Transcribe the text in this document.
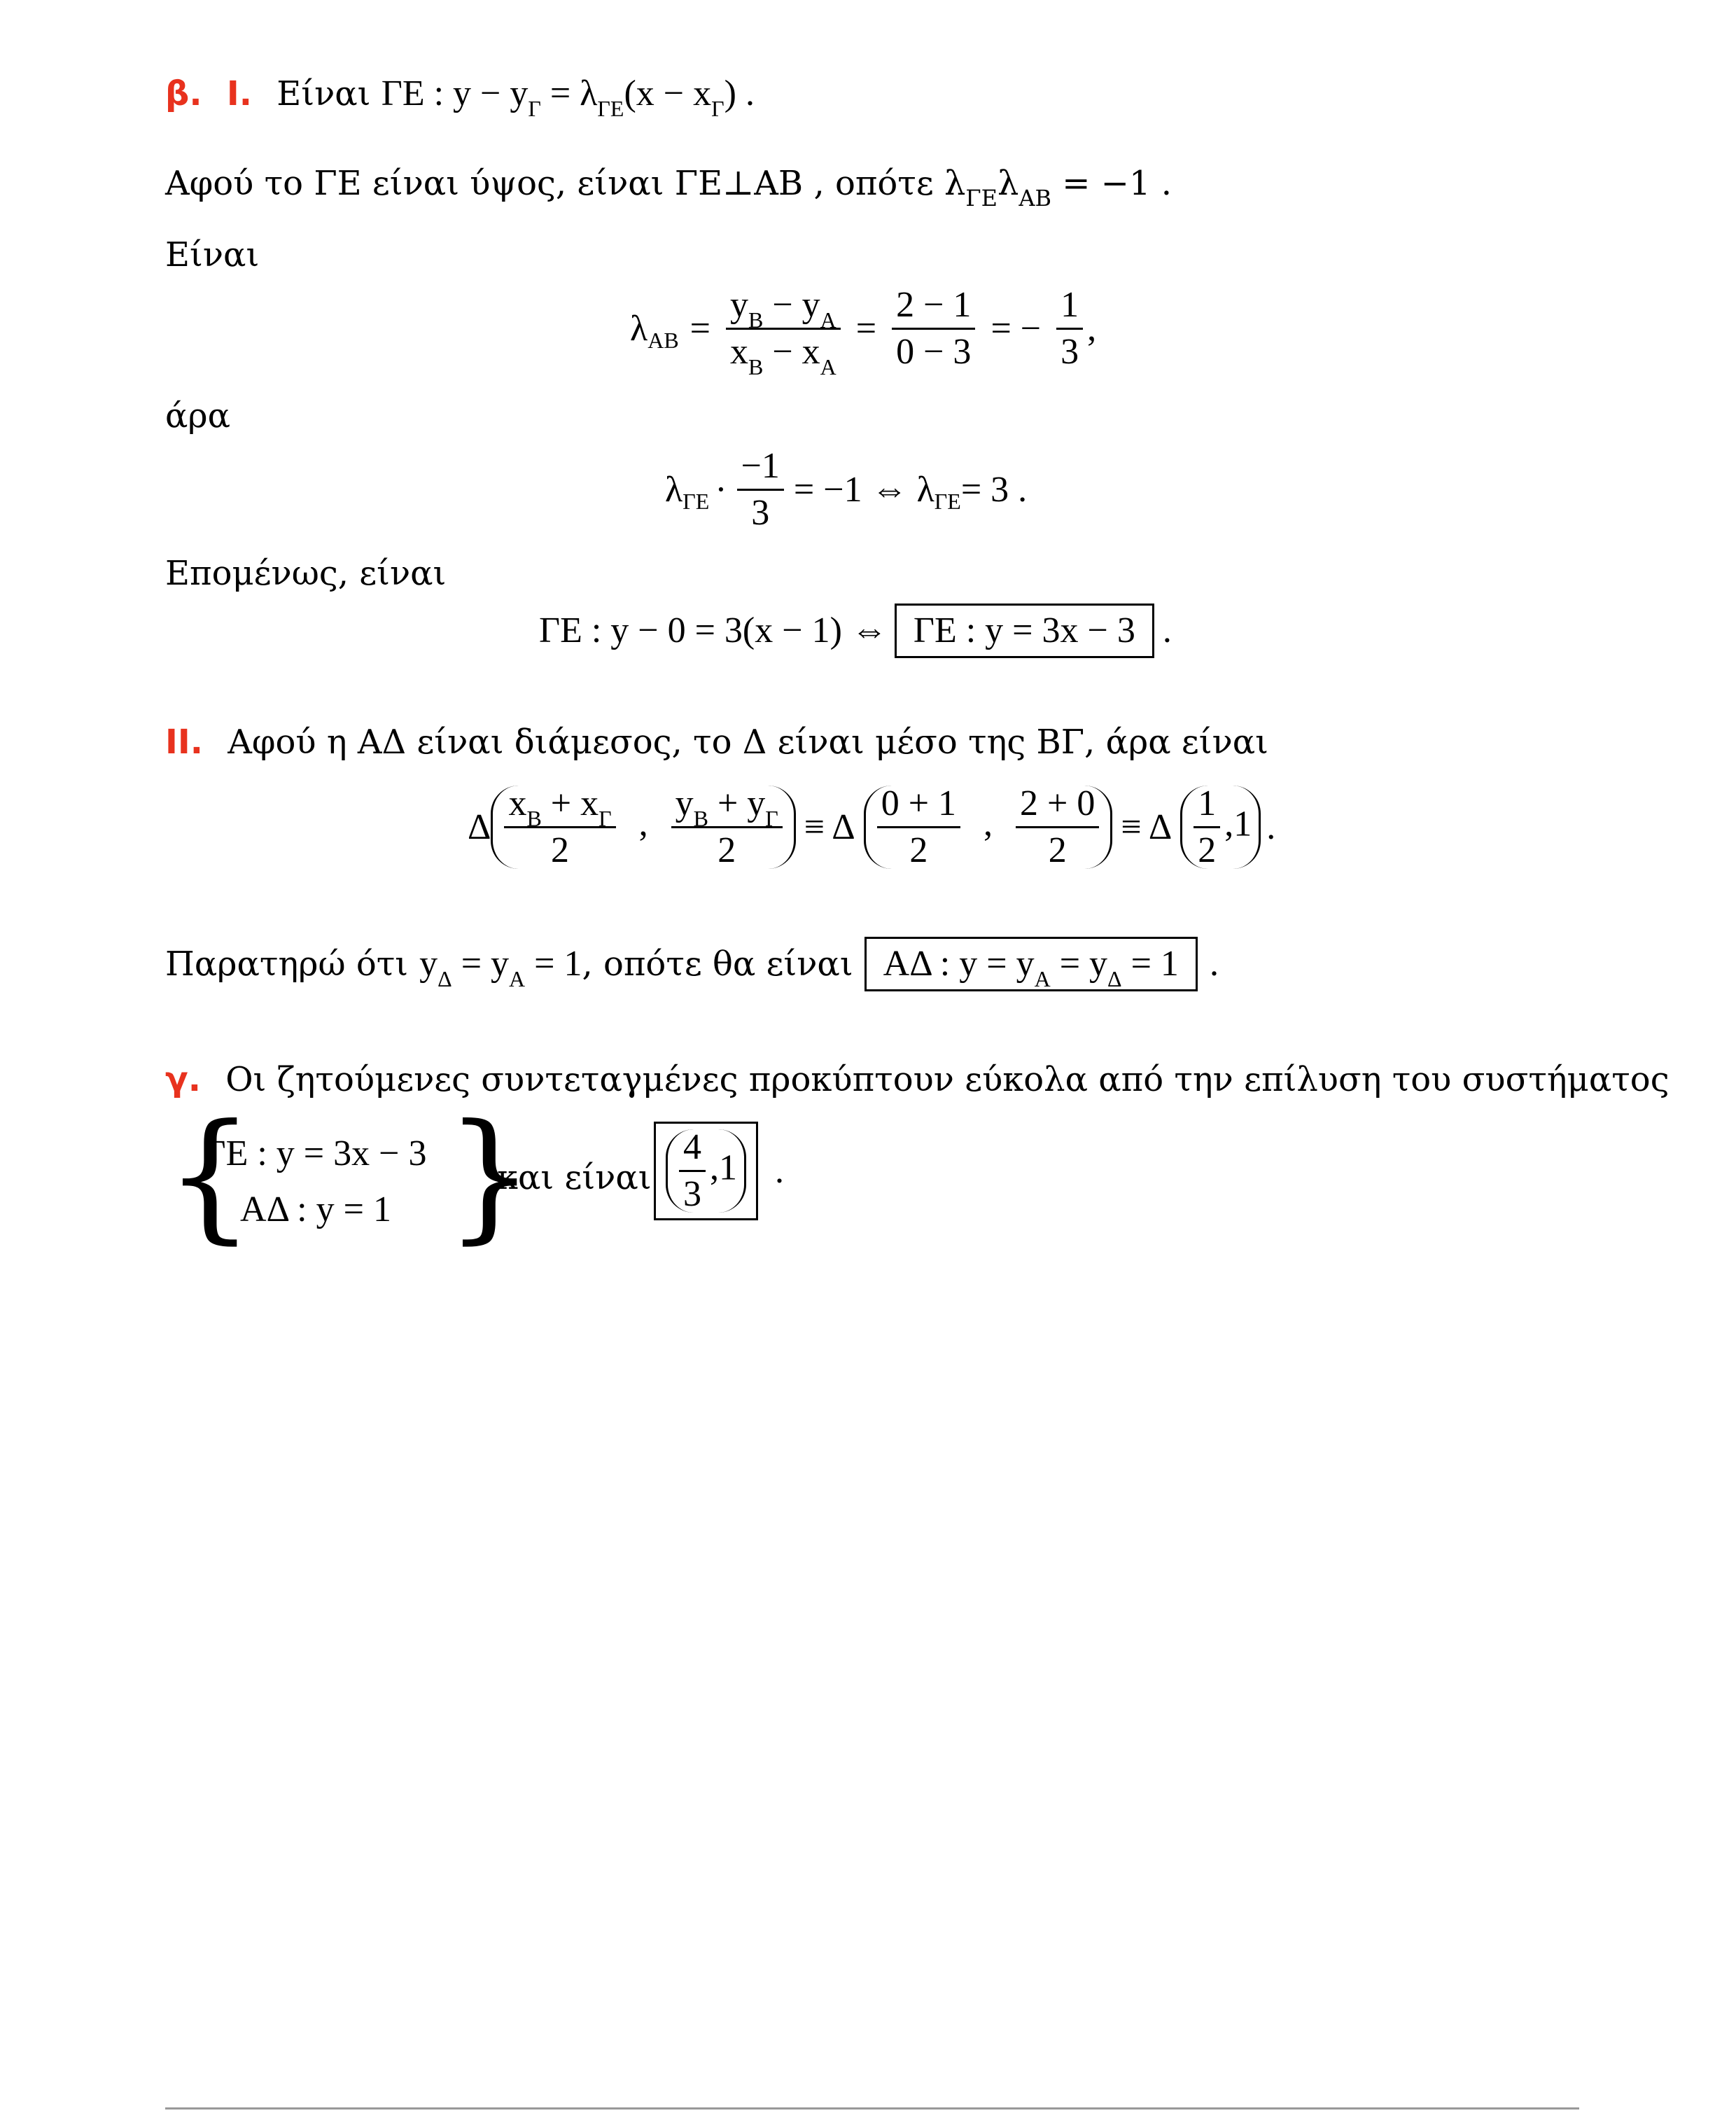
β. Ι. Είναι ΓΕ : $y - y_\Gamma = \lambda_{\Gamma E}(x - x_\Gamma)$ .
Αφού το ΓΕ είναι ύψος, είναι ΓΕ⊥ΑΒ , οπότε $\lambda_{\Gamma E}\lambda_{AB} = -1$ .
Είναι
λ $AB = \frac{y_B - y_A}{x_B - x_A} = \frac{2 - 1}{0 - 3}$ = − $\frac{1}{3}$ ,
άρα
λ $\Gamma E \cdot \frac{-1}{3} = -1$ ⇔ λ ΓΕ = 3 .
Επομένως, είναι
ΓΕ : y − 0 = 3(x − 1) ⇔ ΓΕ : y = 3x − 3 .
ΙΙ. Αφού η ΑΔ είναι διάμεσος, το Δ είναι μέσο της ΒΓ, άρα είναι
Δ $\frac{x_B + x_\Gamma}{2}$ , $\frac{y_B + y_\Gamma}{2} \equiv \Delta \frac{0 + 1}{2}$ , $\frac{2 + 0}{2} \equiv \Delta \frac{1}{2} ,1$ .
Παρατηρώ ότι $y_\Delta = y_A = 1$ , οπότε θα είναι ΑΔ : $y = y_A = y_\Delta = 1$ .
γ. Οι ζητούμενες συντεταγμένες προκύπτουν εύκολα από την επίλυση του συστήματος
{
ΓΕ : y = 3x − 3
ΑΔ : y = 1 }
και είναι $\frac{4}{3} ,1$	.
